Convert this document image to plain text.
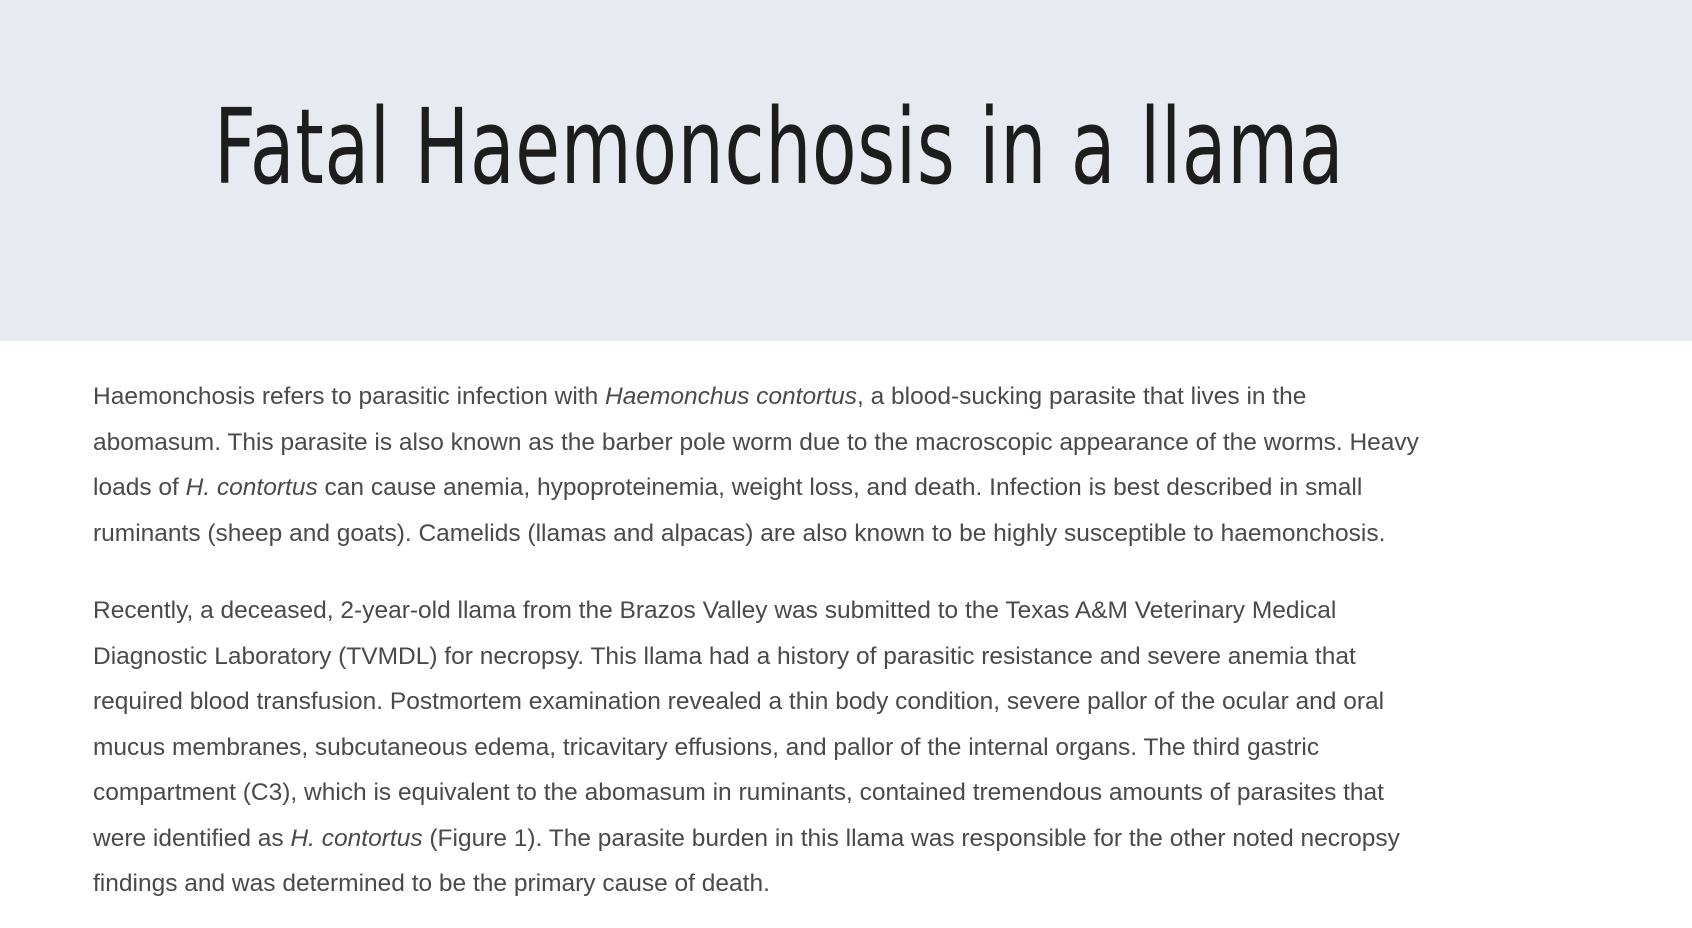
Fatal Haemonchosis in a llama

Haemonchosis refers to parasitic infection with Haemonchus contortus, a blood-sucking parasite that lives in the
abomasum. This parasite is also known as the barber pole worm due to the macroscopic appearance of the worms. Heavy
loads of H. contortus can cause anemia, hypoproteinemia, weight loss, and death. Infection is best described in small
ruminants (sheep and goats). Camelids (llamas and alpacas) are also known to be highly susceptible to haemonchosis.

Recently, a deceased, 2-year-old llama from the Brazos Valley was submitted to the Texas A&M Veterinary Medical
Diagnostic Laboratory (TVMDL) for necropsy. This llama had a history of parasitic resistance and severe anemia that
required blood transfusion. Postmortem examination revealed a thin body condition, severe pallor of the ocular and oral
mucus membranes, subcutaneous edema, tricavitary effusions, and pallor of the internal organs. The third gastric
compartment (C3), which is equivalent to the abomasum in ruminants, contained tremendous amounts of parasites that
were identified as H. contortus (Figure 1). The parasite burden in this llama was responsible for the other noted necropsy
findings and was determined to be the primary cause of death.
